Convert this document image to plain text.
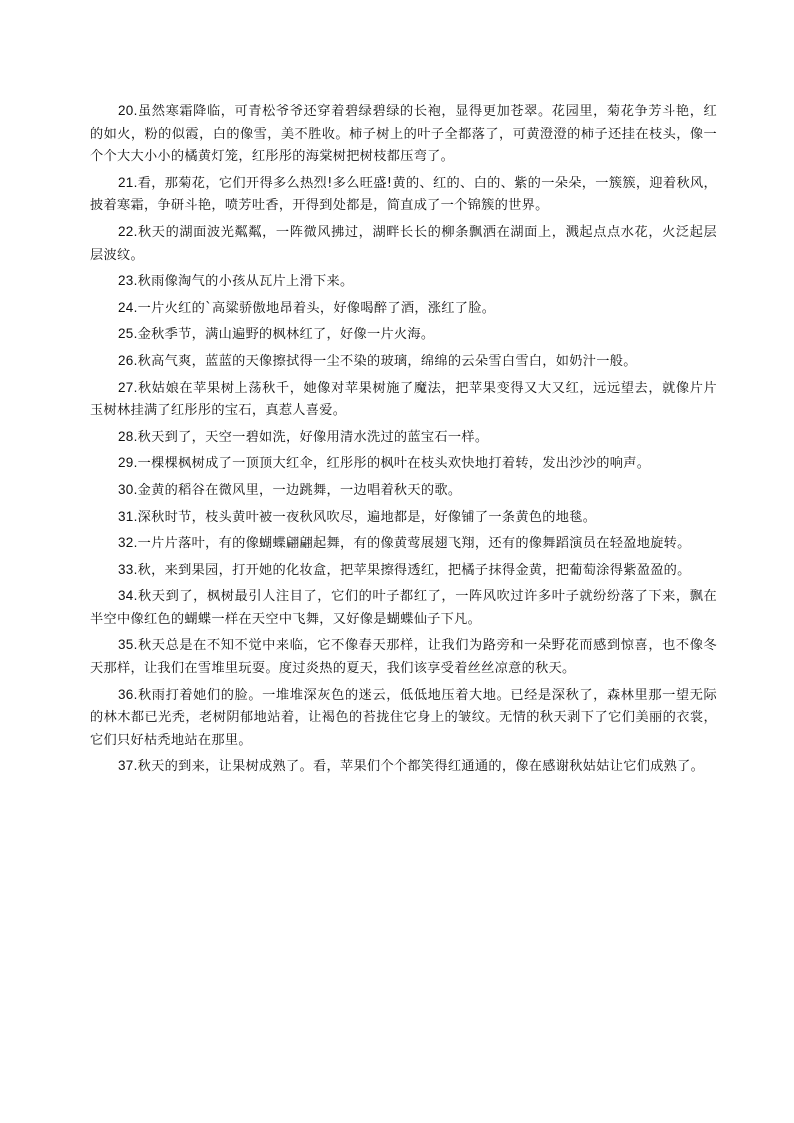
20.虽然寒霜降临，可青松爷爷还穿着碧绿碧绿的长袍，显得更加苍翠。花园里，菊花争芳斗艳，红的如火，粉的似霞，白的像雪，美不胜收。柿子树上的叶子全都落了，可黄澄澄的柿子还挂在枝头，像一个个大大小小的橘黄灯笼，红彤彤的海棠树把树枝都压弯了。

21.看，那菊花，它们开得多么热烈!多么旺盛!黄的、红的、白的、紫的一朵朵，一簇簇，迎着秋风，披着寒霜，争研斗艳，喷芳吐香，开得到处都是，简直成了一个锦簇的世界。

22.秋天的湖面波光粼粼，一阵微风拂过，湖畔长长的柳条飘洒在湖面上，溅起点点水花，火泛起层层波纹。

23.秋雨像淘气的小孩从瓦片上滑下来。

24.一片火红的`高粱骄傲地昂着头，好像喝醉了酒，涨红了脸。

25.金秋季节，满山遍野的枫林红了，好像一片火海。

26.秋高气爽，蓝蓝的天像擦拭得一尘不染的玻璃，绵绵的云朵雪白雪白，如奶汁一般。

27.秋姑娘在苹果树上荡秋千，她像对苹果树施了魔法，把苹果变得又大又红，远远望去，就像片片玉树林挂满了红彤彤的宝石，真惹人喜爱。

28.秋天到了，天空一碧如洗，好像用清水洗过的蓝宝石一样。

29.一棵棵枫树成了一顶顶大红伞，红彤彤的枫叶在枝头欢快地打着转，发出沙沙的响声。

30.金黄的稻谷在微风里，一边跳舞，一边唱着秋天的歌。

31.深秋时节，枝头黄叶被一夜秋风吹尽，遍地都是，好像铺了一条黄色的地毯。

32.一片片落叶，有的像蝴蝶翩翩起舞，有的像黄莺展翅飞翔，还有的像舞蹈演员在轻盈地旋转。

33.秋，来到果园，打开她的化妆盒，把苹果擦得透红，把橘子抹得金黄，把葡萄涂得紫盈盈的。

34.秋天到了，枫树最引人注目了，它们的叶子都红了，一阵风吹过许多叶子就纷纷落了下来，飘在半空中像红色的蝴蝶一样在天空中飞舞，又好像是蝴蝶仙子下凡。

35.秋天总是在不知不觉中来临，它不像春天那样，让我们为路旁和一朵野花而感到惊喜，也不像冬天那样，让我们在雪堆里玩耍。度过炎热的夏天，我们该享受着丝丝凉意的秋天。

36.秋雨打着她们的脸。一堆堆深灰色的迷云，低低地压着大地。已经是深秋了，森林里那一望无际的林木都已光秃，老树阴郁地站着，让褐色的苔拢住它身上的皱纹。无情的秋天剥下了它们美丽的衣裳，它们只好枯秃地站在那里。

37.秋天的到来，让果树成熟了。看，苹果们个个都笑得红通通的，像在感谢秋姑姑让它们成熟了。
